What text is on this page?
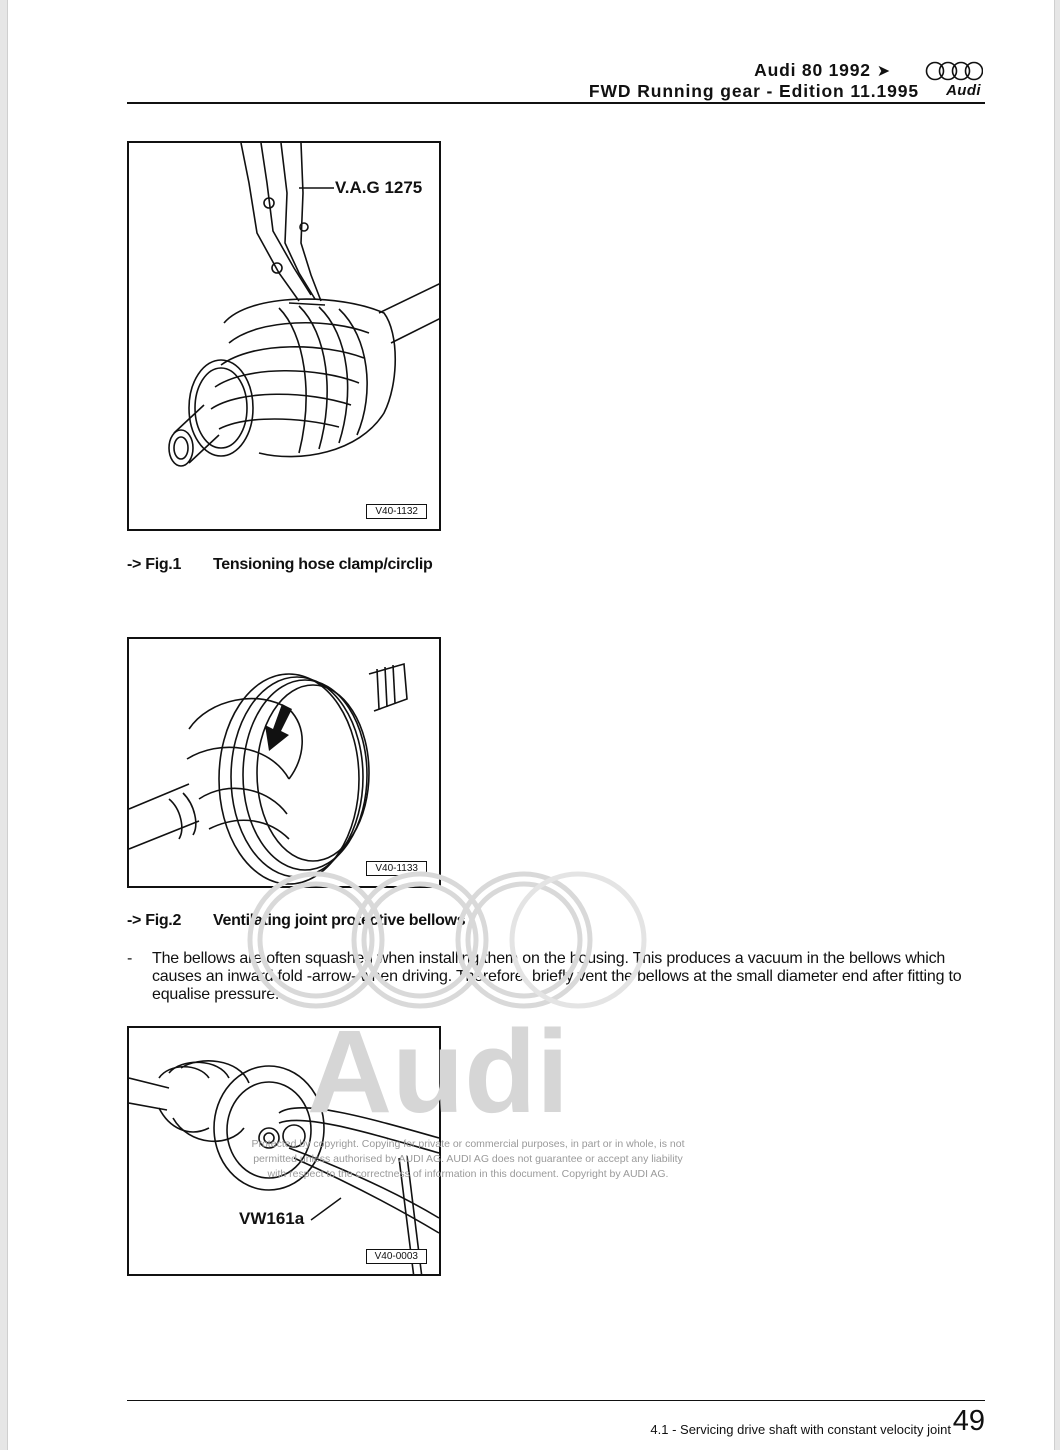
Audi 80 1992 ➤
FWD Running gear - Edition 11.1995 Audi
V.A.G 1275
V40-1132
-> Fig.1 Tensioning hose clamp/circlip
V40-1133
-> Fig.2 Ventilating joint protective bellows
- The bellows are often squashed when installing them on the housing. This produces a vacuum in the bellows which causes an inward fold -arrow- when driving. Therefore, briefly vent the bellows at the small diameter end after fitting to equalise pressure.
VW161a
V40-0003
Audi
Protected by copyright. Copying for private or commercial purposes, in part or in whole, is not
permitted unless authorised by AUDI AG. AUDI AG does not guarantee or accept any liability
with respect to the correctness of information in this document. Copyright by AUDI AG.
4.1 - Servicing drive shaft with constant velocity joint 49
